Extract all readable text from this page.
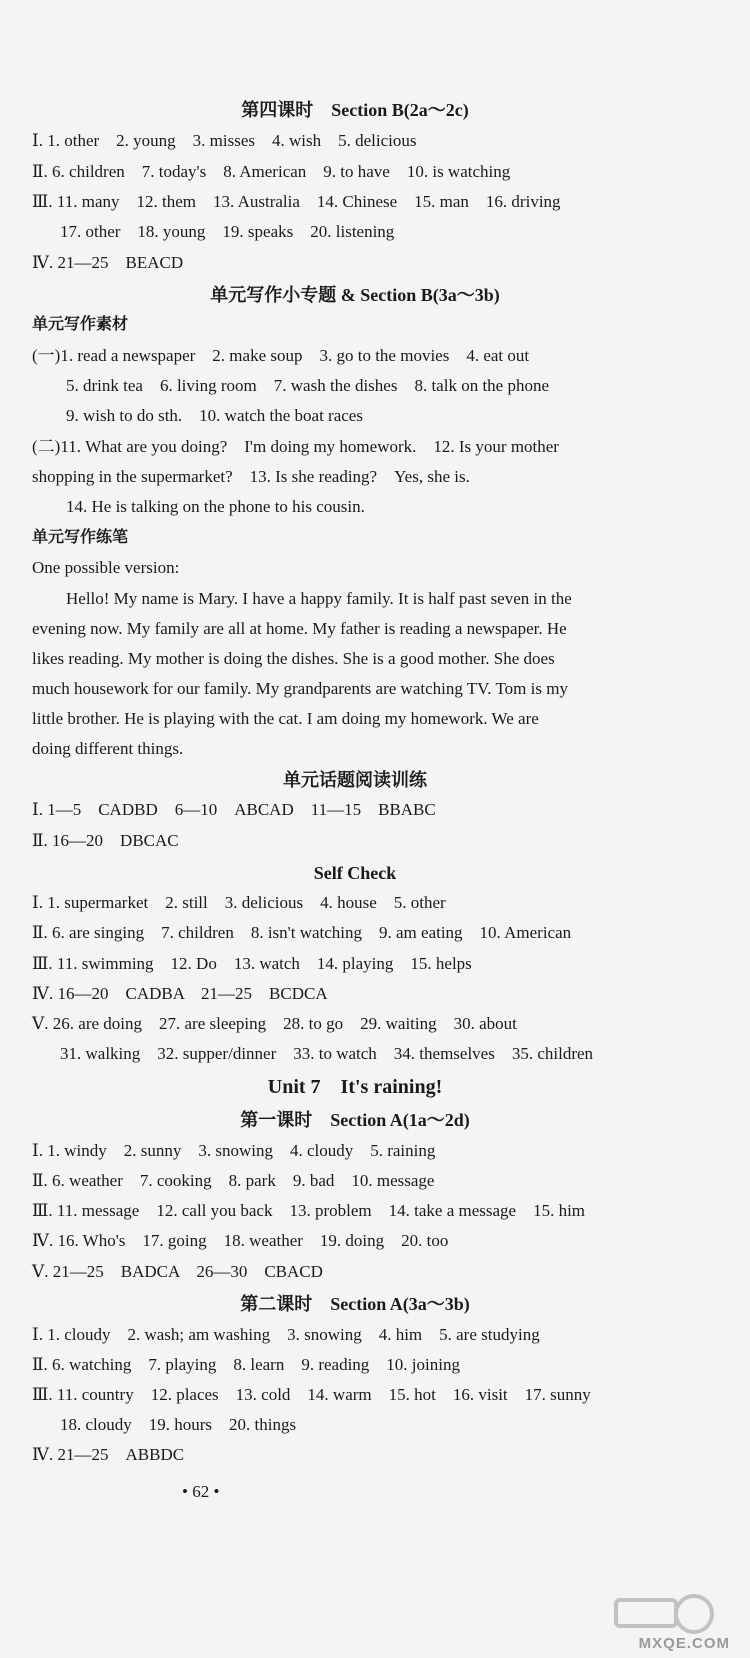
第四课时　Section B(2a～2c)
Ⅰ. 1. other　2. young　3. misses　4. wish　5. delicious
Ⅱ. 6. children　7. today's　8. American　9. to have　10. is watching
Ⅲ. 11. many　12. them　13. Australia　14. Chinese　15. man　16. driving
17. other　18. young　19. speaks　20. listening
Ⅳ. 21—25　BEACD
单元写作小专题 & Section B(3a～3b)
单元写作素材
(一)1. read a newspaper　2. make soup　3. go to the movies　4. eat out
5. drink tea　6. living room　7. wash the dishes　8. talk on the phone
9. wish to do sth.　10. watch the boat races
(二)11. What are you doing?　I'm doing my homework.　12. Is your mother
shopping in the supermarket?　13. Is she reading?　Yes, she is.
14. He is talking on the phone to his cousin.
单元写作练笔
One possible version:
Hello! My name is Mary. I have a happy family. It is half past seven in the
evening now. My family are all at home. My father is reading a newspaper. He
likes reading. My mother is doing the dishes. She is a good mother. She does
much housework for our family. My grandparents are watching TV. Tom is my
little brother. He is playing with the cat. I am doing my homework. We are
doing different things.
单元话题阅读训练
Ⅰ. 1—5　CADBD　6—10　ABCAD　11—15　BBABC
Ⅱ. 16—20　DBCAC
Self Check
Ⅰ. 1. supermarket　2. still　3. delicious　4. house　5. other
Ⅱ. 6. are singing　7. children　8. isn't watching　9. am eating　10. American
Ⅲ. 11. swimming　12. Do　13. watch　14. playing　15. helps
Ⅳ. 16—20　CADBA　21—25　BCDCA
Ⅴ. 26. are doing　27. are sleeping　28. to go　29. waiting　30. about
31. walking　32. supper/dinner　33. to watch　34. themselves　35. children
Unit 7　It's raining!
第一课时　Section A(1a～2d)
Ⅰ. 1. windy　2. sunny　3. snowing　4. cloudy　5. raining
Ⅱ. 6. weather　7. cooking　8. park　9. bad　10. message
Ⅲ. 11. message　12. call you back　13. problem　14. take a message　15. him
Ⅳ. 16. Who's　17. going　18. weather　19. doing　20. too
Ⅴ. 21—25　BADCA　26—30　CBACD
第二课时　Section A(3a～3b)
Ⅰ. 1. cloudy　2. wash; am washing　3. snowing　4. him　5. are studying
Ⅱ. 6. watching　7. playing　8. learn　9. reading　10. joining
Ⅲ. 11. country　12. places　13. cold　14. warm　15. hot　16. visit　17. sunny
18. cloudy　19. hours　20. things
Ⅳ. 21—25　ABBDC
• 62 •
MXQE.COM
